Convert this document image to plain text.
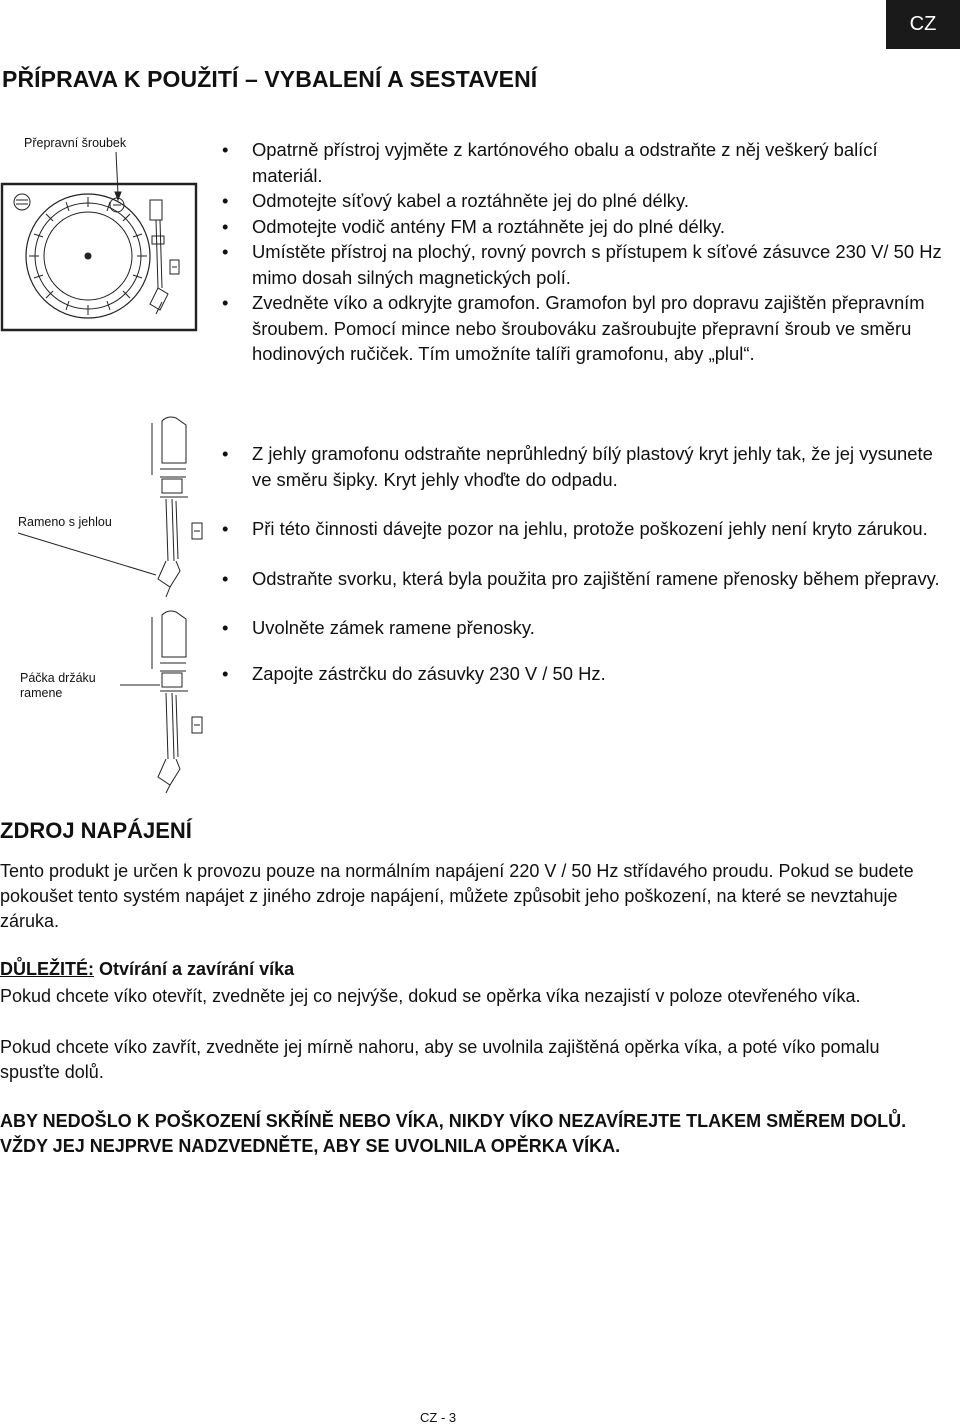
CZ
PŘÍPRAVA K POUŽITÍ – VYBALENÍ A SESTAVENÍ
Přepravní šroubek
•	Opatrně přístroj vyjměte z kartónového obalu a odstraňte z něj veškerý balící materiál.
• Odmotejte síťový kabel a roztáhněte jej do plné délky.
• Odmotejte vodič antény FM a roztáhněte jej do plné délky.
• Umístěte přístroj na plochý, rovný povrch s přístupem k síťové zásuvce 230 V/ 50 Hz mimo dosah silných magnetických polí.
• Zvedněte víko a odkryjte gramofon. Gramofon byl pro dopravu zajištěn přepravním šroubem. Pomocí mince nebo šroubováku zašroubujte přepravní šroub ve směru hodinových ručiček. Tím umožníte talíři gramofonu, aby „plul“.
Rameno s jehlou
Páčka držáku ramene
• Z jehly gramofonu odstraňte neprůhledný bílý plastový kryt jehly tak, že jej vysunete ve směru šipky. Kryt jehly vhoďte do odpadu.
• Při této činnosti dávejte pozor na jehlu, protože poškození jehly není kryto zárukou.
• Odstraňte svorku, která byla použita pro zajištění ramene přenosky během přepravy.
• Uvolněte zámek ramene přenosky.
• Zapojte zástrčku do zásuvky 230 V / 50 Hz.
ZDROJ NAPÁJENÍ

Tento produkt je určen k provozu pouze na normálním napájení 220 V / 50 Hz střídavého proudu. Pokud se budete pokoušet tento systém napájet z jiného zdroje napájení, můžete způsobit jeho poškození, na které se nevztahuje záruka.

DŮLEŽITÉ: Otvírání a zavírání víka

Pokud chcete víko otevřít, zvedněte jej co nejvýše, dokud se opěrka víka nezajistí v poloze otevřeného víka.

Pokud chcete víko zavřít, zvedněte jej mírně nahoru, aby se uvolnila zajištěná opěrka víka, a poté víko pomalu spusťte dolů.

ABY NEDOŠLO K POŠKOZENÍ SKŘÍNĚ NEBO VÍKA, NIKDY VÍKO NEZAVÍREJTE TLAKEM SMĚREM DOLŮ. VŽDY JEJ NEJPRVE NADZVEDNĚTE, ABY SE UVOLNILA OPĚRKA VÍKA.

CZ - 3
